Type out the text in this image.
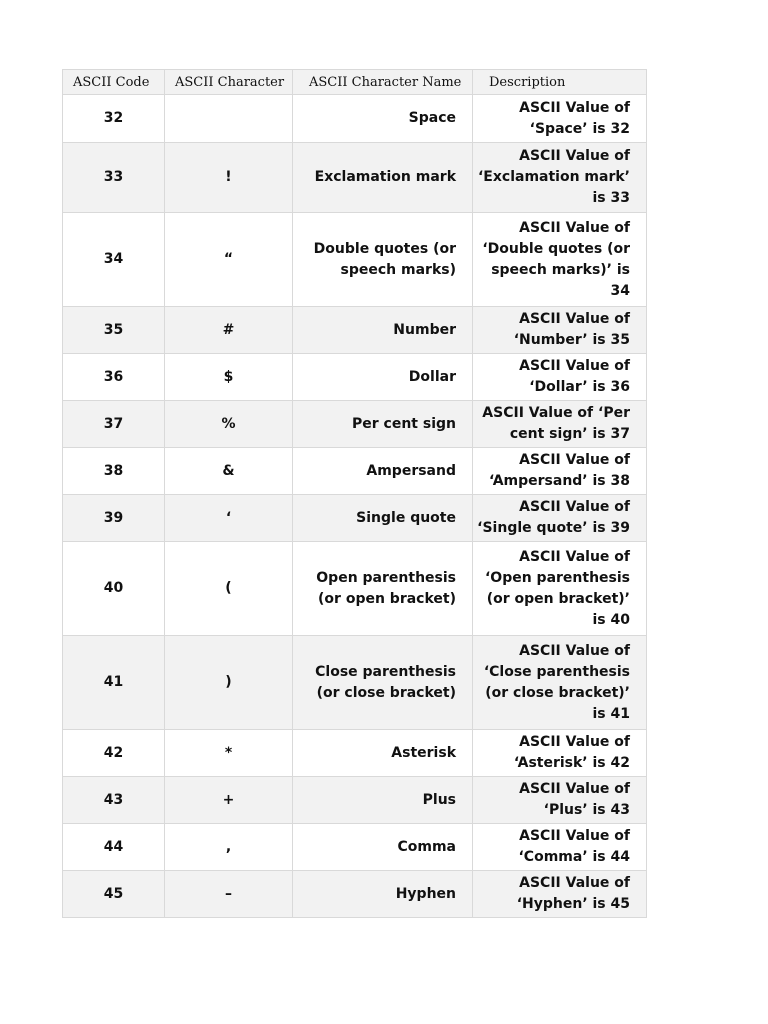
ASCII Code	ASCII Character	ASCII Character Name	Description
32		Space	ASCII Value of ‘Space’ is 32
33	!	Exclamation mark	ASCII Value of ‘Exclamation mark’ is 33
34	“	Double quotes (or speech marks)	ASCII Value of ‘Double quotes (or speech marks)’ is 34
35	#	Number	ASCII Value of ‘Number’ is 35
36	$	Dollar	ASCII Value of ‘Dollar’ is 36
37	%	Per cent sign	ASCII Value of ‘Per cent sign’ is 37
38	&	Ampersand	ASCII Value of ‘Ampersand’ is 38
39	‘	Single quote	ASCII Value of ‘Single quote’ is 39
40	(	Open parenthesis (or open bracket)	ASCII Value of ‘Open parenthesis (or open bracket)’ is 40
41	)	Close parenthesis (or close bracket)	ASCII Value of ‘Close parenthesis (or close bracket)’ is 41
42	*	Asterisk	ASCII Value of ‘Asterisk’ is 42
43	+	Plus	ASCII Value of ‘Plus’ is 43
44	,	Comma	ASCII Value of ‘Comma’ is 44
45	–	Hyphen	ASCII Value of ‘Hyphen’ is 45
